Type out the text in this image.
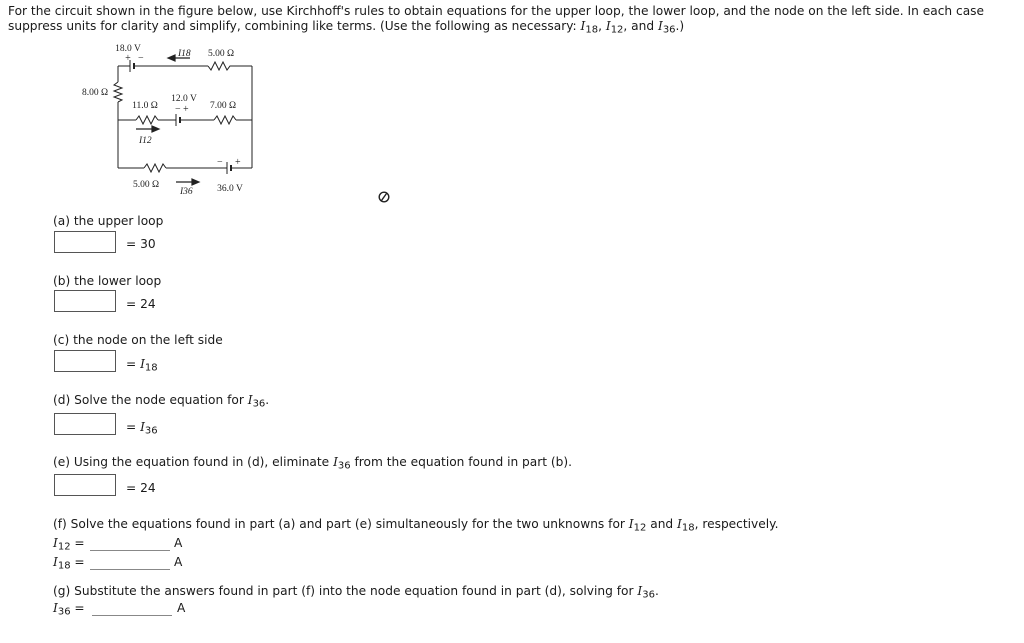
For the circuit shown in the figure below, use Kirchhoff's rules to obtain equations for the upper loop, the lower loop, and the node on the left side. In each case suppress units for clarity and simplify, combining like terms. (Use the following as necessary: $I_{18}$, $I_{12}$, and $I_{36}$.)
18.0 V
+ −	I18 5.00 Ω
8.00 Ω
11.0 Ω
12.0 V
− + 7.00 Ω
I12
− +
5.00 Ω
I36	36.0 V
(a) the upper loop
= 30
(b) the lower loop
= 24
(c) the node on the left side
= $I_{18}$
(d) Solve the node equation for $I_{36}$.
= $I_{36}$
(e) Using the equation found in (d), eliminate $I_{36}$ from the equation found in part (b).
= 24
(f) Solve the equations found in part (a) and part (e) simultaneously for the two unknowns for $I_{12}$ and $I_{18}$, respectively.
$I_{12}$ =	A
$I_{18}$ =	A
(g) Substitute the answers found in part (f) into the node equation found in part (d), solving for $I_{36}$.
$I_{36}$ =	A
